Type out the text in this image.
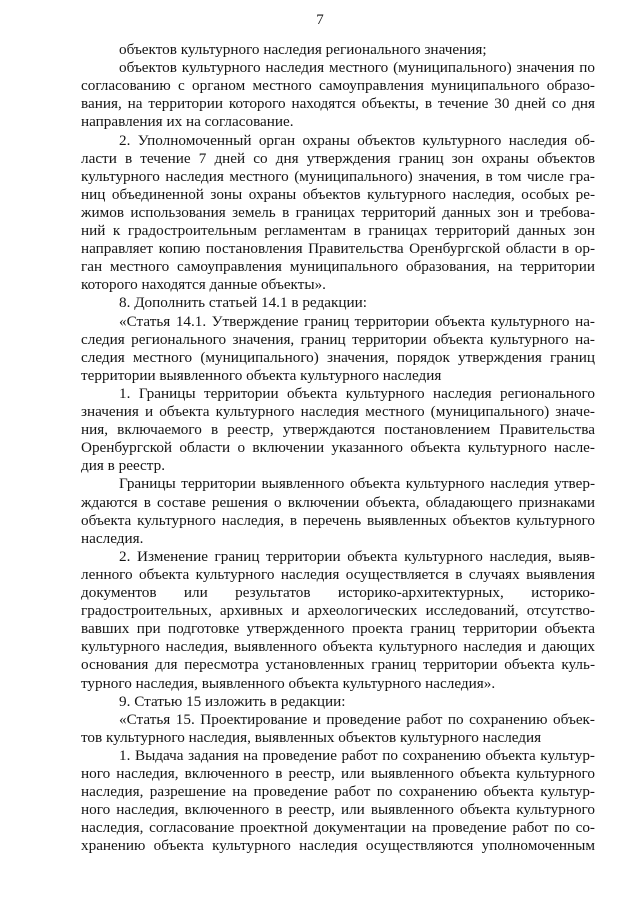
7
объектов культурного наследия регионального значения;
объектов культурного наследия местного (муниципального) значения по
согласованию с органом местного самоуправления муниципального образо-
вания, на территории которого находятся объекты, в течение 30 дней со дня
направления их на согласование.
2. Уполномоченный орган охраны объектов культурного наследия об-
ласти в течение 7 дней со дня утверждения границ зон охраны объектов
культурного наследия местного (муниципального) значения, в том числе гра-
ниц объединенной зоны охраны объектов культурного наследия, особых ре-
жимов использования земель в границах территорий данных зон и требова-
ний к градостроительным регламентам в границах территорий данных зон
направляет копию постановления Правительства Оренбургской области в ор-
ган местного самоуправления муниципального образования, на территории
которого находятся данные объекты».
8. Дополнить статьей 14.1 в редакции:
«Статья 14.1. Утверждение границ территории объекта культурного на-
следия регионального значения, границ территории объекта культурного на-
следия местного (муниципального) значения, порядок утверждения границ
территории выявленного объекта культурного наследия
1. Границы территории объекта культурного наследия регионального
значения и объекта культурного наследия местного (муниципального) значе-
ния, включаемого в реестр, утверждаются постановлением Правительства
Оренбургской области о включении указанного объекта культурного насле-
дия в реестр.
Границы территории выявленного объекта культурного наследия утвер-
ждаются в составе решения о включении объекта, обладающего признаками
объекта культурного наследия, в перечень выявленных объектов культурного
наследия.
2. Изменение границ территории объекта культурного наследия, выяв-
ленного объекта культурного наследия осуществляется в случаях выявления
документов или результатов историко-архитектурных, историко-
градостроительных, архивных и археологических исследований, отсутство-
вавших при подготовке утвержденного проекта границ территории объекта
культурного наследия, выявленного объекта культурного наследия и дающих
основания для пересмотра установленных границ территории объекта куль-
турного наследия, выявленного объекта культурного наследия».
9. Статью 15 изложить в редакции:
«Статья 15. Проектирование и проведение работ по сохранению объек-
тов культурного наследия, выявленных объектов культурного наследия
1. Выдача задания на проведение работ по сохранению объекта культур-
ного наследия, включенного в реестр, или выявленного объекта культурного
наследия, разрешение на проведение работ по сохранению объекта культур-
ного наследия, включенного в реестр, или выявленного объекта культурного
наследия, согласование проектной документации на проведение работ по со-
хранению объекта культурного наследия осуществляются уполномоченным
